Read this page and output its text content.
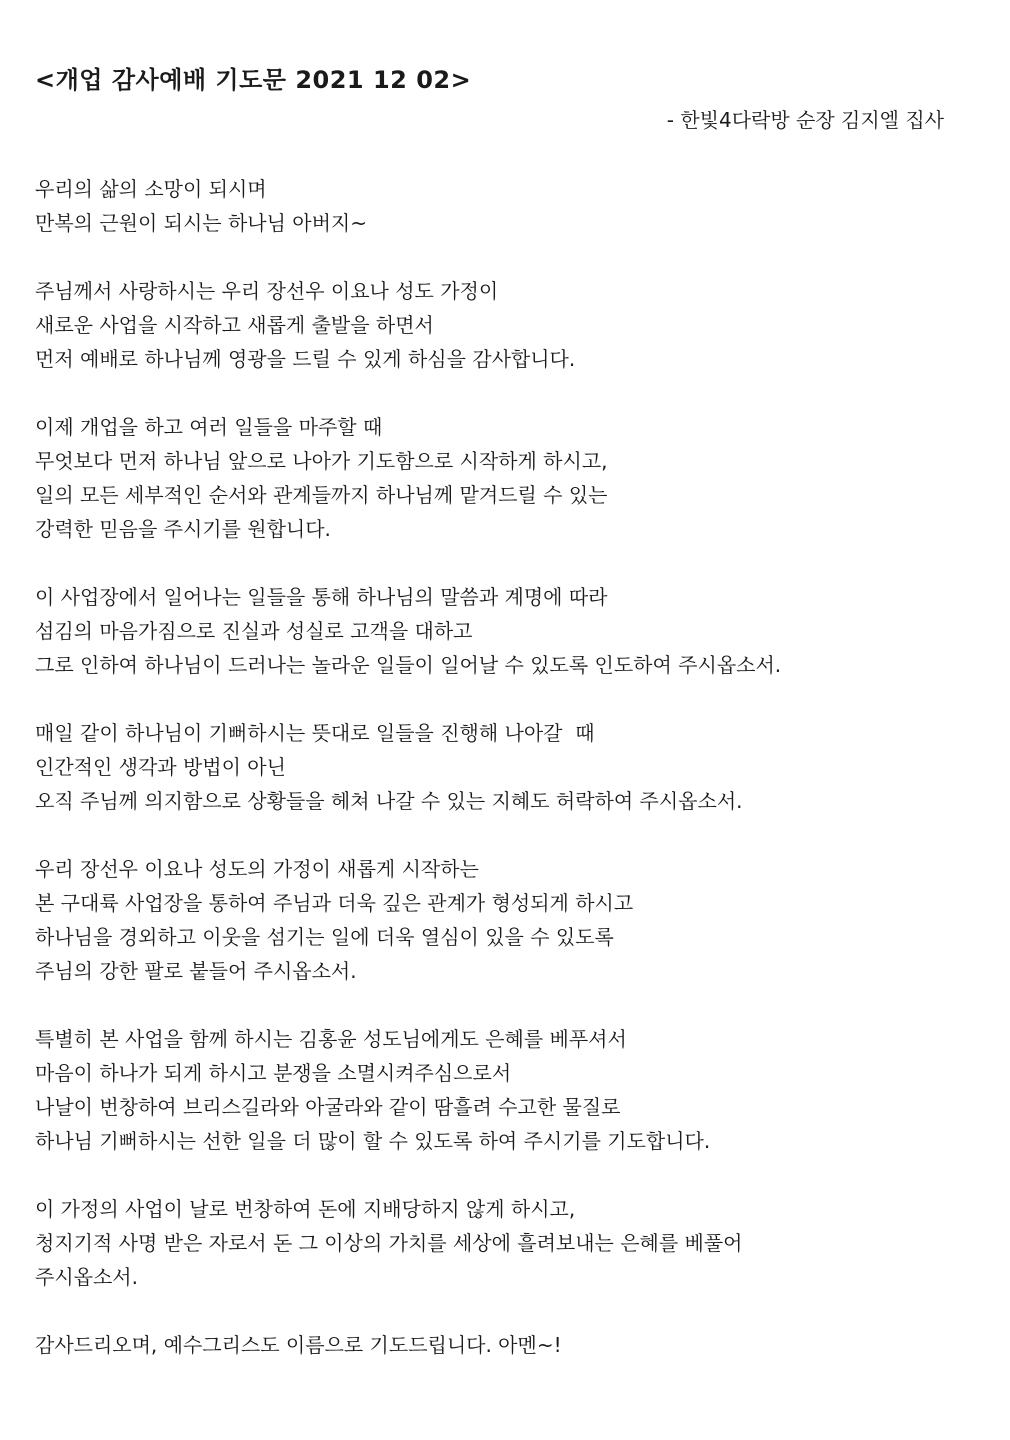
<개업 감사예배 기도문 2021 12 02>
- 한빛4다락방 순장 김지엘 집사
우리의 삶의 소망이 되시며
만복의 근원이 되시는 하나님 아버지~
주님께서 사랑하시는 우리 장선우 이요나 성도 가정이
새로운 사업을 시작하고 새롭게 출발을 하면서
먼저 예배로 하나님께 영광을 드릴 수 있게 하심을 감사합니다.
이제 개업을 하고 여러 일들을 마주할 때
무엇보다 먼저 하나님 앞으로 나아가 기도함으로 시작하게 하시고,
일의 모든 세부적인 순서와 관계들까지 하나님께 맡겨드릴 수 있는
강력한 믿음을 주시기를 원합니다.
이 사업장에서 일어나는 일들을 통해 하나님의 말씀과 계명에 따라
섬김의 마음가짐으로 진실과 성실로 고객을 대하고
그로 인하여 하나님이 드러나는 놀라운 일들이 일어날 수 있도록 인도하여 주시옵소서.
매일 같이 하나님이 기뻐하시는 뜻대로 일들을 진행해 나아갈  때
인간적인 생각과 방법이 아닌
오직 주님께 의지함으로 상황들을 헤쳐 나갈 수 있는 지혜도 허락하여 주시옵소서.
우리 장선우 이요나 성도의 가정이 새롭게 시작하는
본 구대륙 사업장을 통하여 주님과 더욱 깊은 관계가 형성되게 하시고
하나님을 경외하고 이웃을 섬기는 일에 더욱 열심이 있을 수 있도록
주님의 강한 팔로 붙들어 주시옵소서.
특별히 본 사업을 함께 하시는 김홍윤 성도님에게도 은혜를 베푸셔서
마음이 하나가 되게 하시고 분쟁을 소멸시켜주심으로서
나날이 번창하여 브리스길라와 아굴라와 같이 땀흘려 수고한 물질로
하나님 기뻐하시는 선한 일을 더 많이 할 수 있도록 하여 주시기를 기도합니다.
이 가정의 사업이 날로 번창하여 돈에 지배당하지 않게 하시고,
청지기적 사명 받은 자로서 돈 그 이상의 가치를 세상에 흘려보내는 은혜를 베풀어
주시옵소서.
감사드리오며, 예수그리스도 이름으로 기도드립니다. 아멘~!
